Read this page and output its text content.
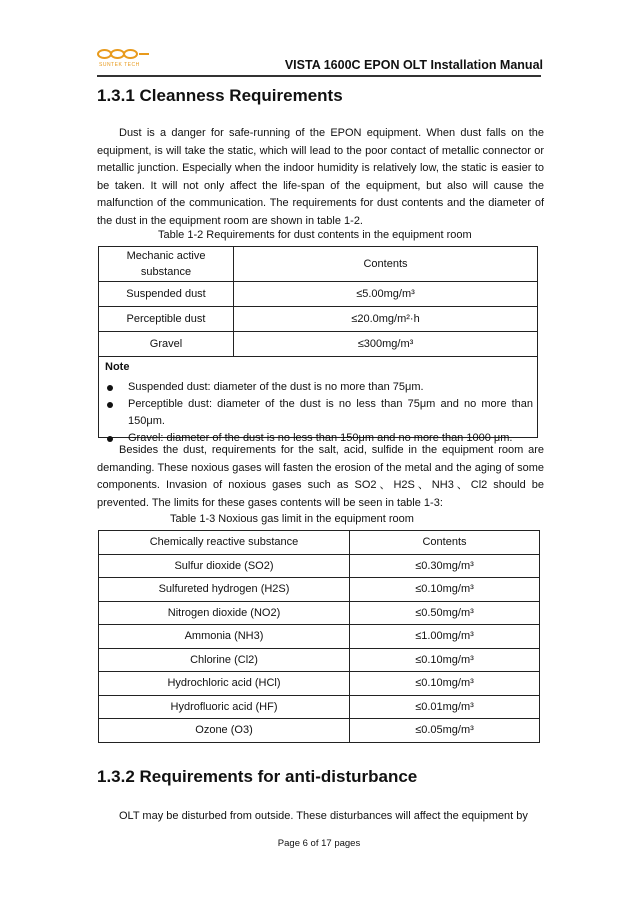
SUNTEK TECH	VISTA 1600C EPON OLT Installation Manual
1.3.1 Cleanness Requirements
Dust is a danger for safe-running of the EPON equipment. When dust falls on the equipment, is will take the static, which will lead to the poor contact of metallic connector or metallic junction. Especially when the indoor humidity is relatively low, the static is easier to be taken. It will not only affect the life-span of the equipment, but also will cause the malfunction of the communication. The requirements for dust contents and the diameter of the dust in the equipment room are shown in table 1-2.
Table 1-2 Requirements for dust contents in the equipment room
Mechanic active substance	Contents
Suspended dust	≤5.00mg/m³
Perceptible dust	≤20.0mg/m²·h
Gravel	≤300mg/m³
Note
Suspended dust: diameter of the dust is no more than 75μm.
Perceptible dust: diameter of the dust is no less than 75μm and no more than 150μm.
Gravel: diameter of the dust is no less than 150μm and no more than 1000 μm.
Besides the dust, requirements for the salt, acid, sulfide in the equipment room are demanding. These noxious gases will fasten the erosion of the metal and the aging of some components. Invasion of noxious gases such as SO2、H2S、NH3、Cl2 should be prevented. The limits for these gases contents will be seen in table 1-3:
Table 1-3 Noxious gas limit in the equipment room
Chemically reactive substance	Contents
Sulfur dioxide (SO2)	≤0.30mg/m³
Sulfureted hydrogen (H2S)	≤0.10mg/m³
Nitrogen dioxide (NO2)	≤0.50mg/m³
Ammonia (NH3)	≤1.00mg/m³
Chlorine (Cl2)	≤0.10mg/m³
Hydrochloric acid (HCl)	≤0.10mg/m³
Hydrofluoric acid (HF)	≤0.01mg/m³
Ozone (O3)	≤0.05mg/m³
1.3.2 Requirements for anti-disturbance
OLT may be disturbed from outside. These disturbances will affect the equipment by
Page 6 of 17 pages
